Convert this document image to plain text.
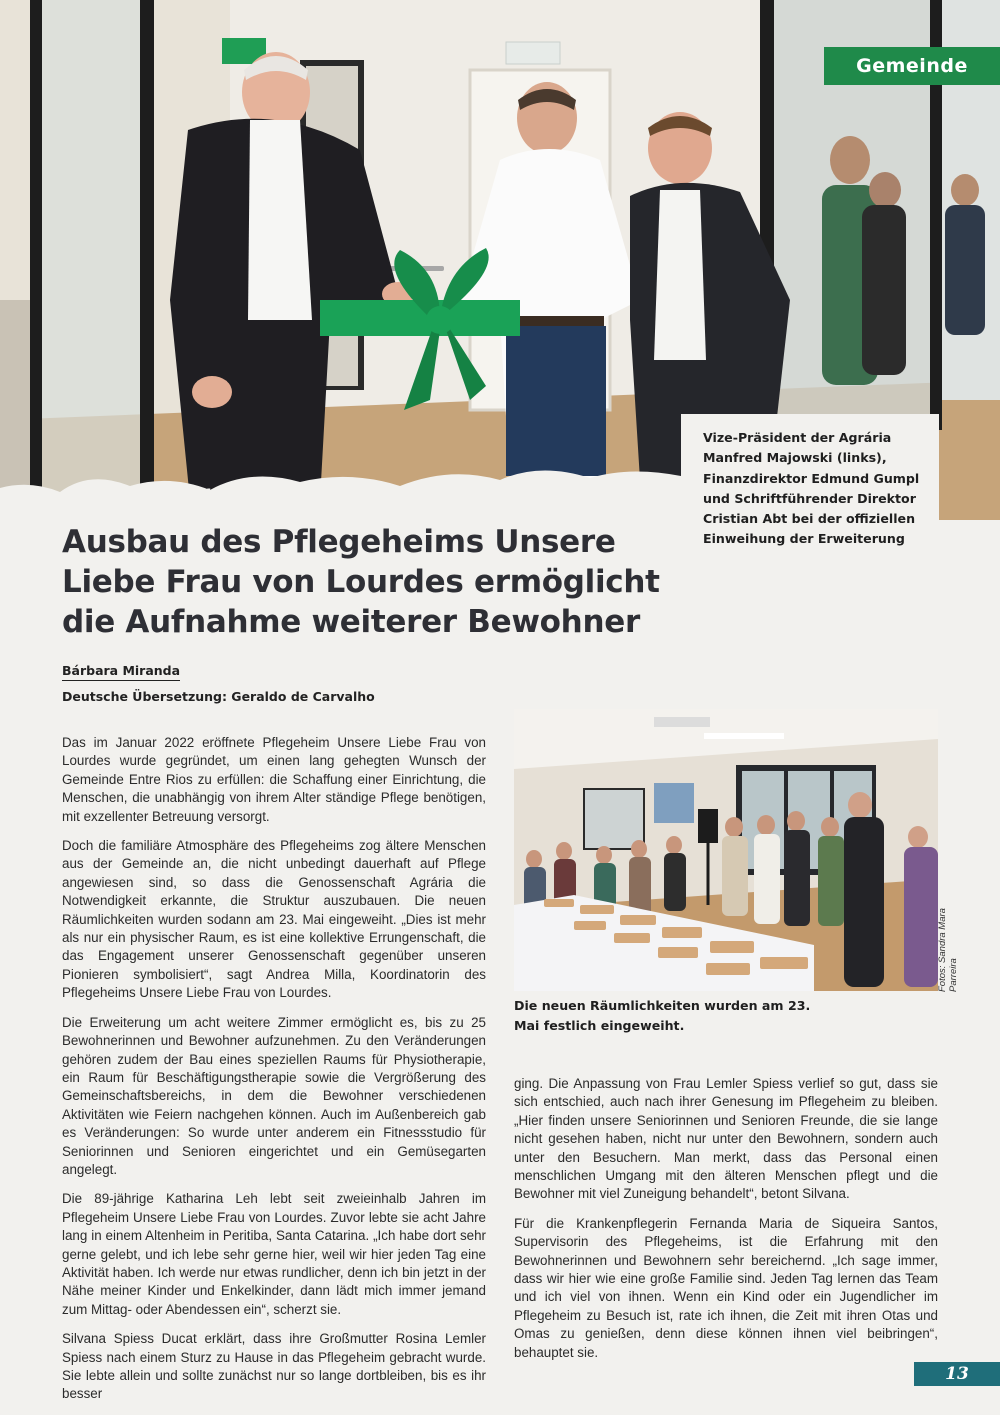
Gemeinde
Vize-Präsident der Agrária Manfred Majowski (links), Finanzdirektor Edmund Gumpl und Schriftführender Direktor Cristian Abt bei der offiziellen Einweihung der Erweiterung
Ausbau des Pflegeheims Unsere Liebe Frau von Lourdes ermöglicht die Aufnahme weiterer Bewohner
Bárbara Miranda
Deutsche Übersetzung: Geraldo de Carvalho

Das im Januar 2022 eröffnete Pflegeheim Unsere Liebe Frau von Lourdes wurde gegründet, um einen lang gehegten Wunsch der Gemeinde Entre Rios zu erfüllen: die Schaffung einer Einrichtung, die Menschen, die unabhängig von ihrem Alter ständige Pflege benötigen, mit exzellenter Betreuung versorgt.

Doch die familiäre Atmosphäre des Pflegeheims zog ältere Menschen aus der Gemeinde an, die nicht unbedingt dauerhaft auf Pflege angewiesen sind, so dass die Genossenschaft Agrária die Notwendigkeit erkannte, die Struktur auszubauen. Die neuen Räumlichkeiten wurden sodann am 23. Mai eingeweiht. „Dies ist mehr als nur ein physischer Raum, es ist eine kollektive Errungenschaft, die das Engagement unserer Genossenschaft gegenüber unseren Pionieren symbolisiert“, sagt Andrea Milla, Koordinatorin des Pflegeheims Unsere Liebe Frau von Lourdes.

Die Erweiterung um acht weitere Zimmer ermöglicht es, bis zu 25 Bewohnerinnen und Bewohner aufzunehmen. Zu den Veränderungen gehören zudem der Bau eines speziellen Raums für Physiotherapie, ein Raum für Beschäftigungstherapie sowie die Vergrößerung des Gemeinschaftsbereichs, in dem die Bewohner verschiedenen Aktivitäten wie Feiern nachgehen können. Auch im Außenbereich gab es Veränderungen: So wurde unter anderem ein Fitnessstudio für Seniorinnen und Senioren eingerichtet und ein Gemüsegarten angelegt.

Die 89-jährige Katharina Leh lebt seit zweieinhalb Jahren im Pflegeheim Unsere Liebe Frau von Lourdes. Zuvor lebte sie acht Jahre lang in einem Altenheim in Peritiba, Santa Catarina. „Ich habe dort sehr gerne gelebt, und ich lebe sehr gerne hier, weil wir hier jeden Tag eine Aktivität haben. Ich werde nur etwas rundlicher, denn ich bin jetzt in der Nähe meiner Kinder und Enkelkinder, dann lädt mich immer jemand zum Mittag- oder Abendessen ein“, scherzt sie.

Silvana Spiess Ducat erklärt, dass ihre Großmutter Rosina Lemler Spiess nach einem Sturz zu Hause in das Pflegeheim gebracht wurde. Sie lebte allein und sollte zunächst nur so lange dortbleiben, bis es ihr besser

Fotos: Sandra Mara Parreira
Die neuen Räumlichkeiten wurden am 23. Mai festlich eingeweiht.

ging. Die Anpassung von Frau Lemler Spiess verlief so gut, dass sie sich entschied, auch nach ihrer Genesung im Pflegeheim zu bleiben. „Hier finden unsere Seniorinnen und Senioren Freunde, die sie lange nicht gesehen haben, nicht nur unter den Bewohnern, sondern auch unter den Besuchern. Man merkt, dass das Personal einen menschlichen Umgang mit den älteren Menschen pflegt und die Bewohner mit viel Zuneigung behandelt“, betont Silvana.

Für die Krankenpflegerin Fernanda Maria de Siqueira Santos, Supervisorin des Pflegeheims, ist die Erfahrung mit den Bewohnerinnen und Bewohnern sehr bereichernd. „Ich sage immer, dass wir hier wie eine große Familie sind. Jeden Tag lernen das Team und ich viel von ihnen. Wenn ein Kind oder ein Jugendlicher im Pflegeheim zu Besuch ist, rate ich ihnen, die Zeit mit ihren Otas und Omas zu genießen, denn diese können ihnen viel beibringen“, behauptet sie.

13
